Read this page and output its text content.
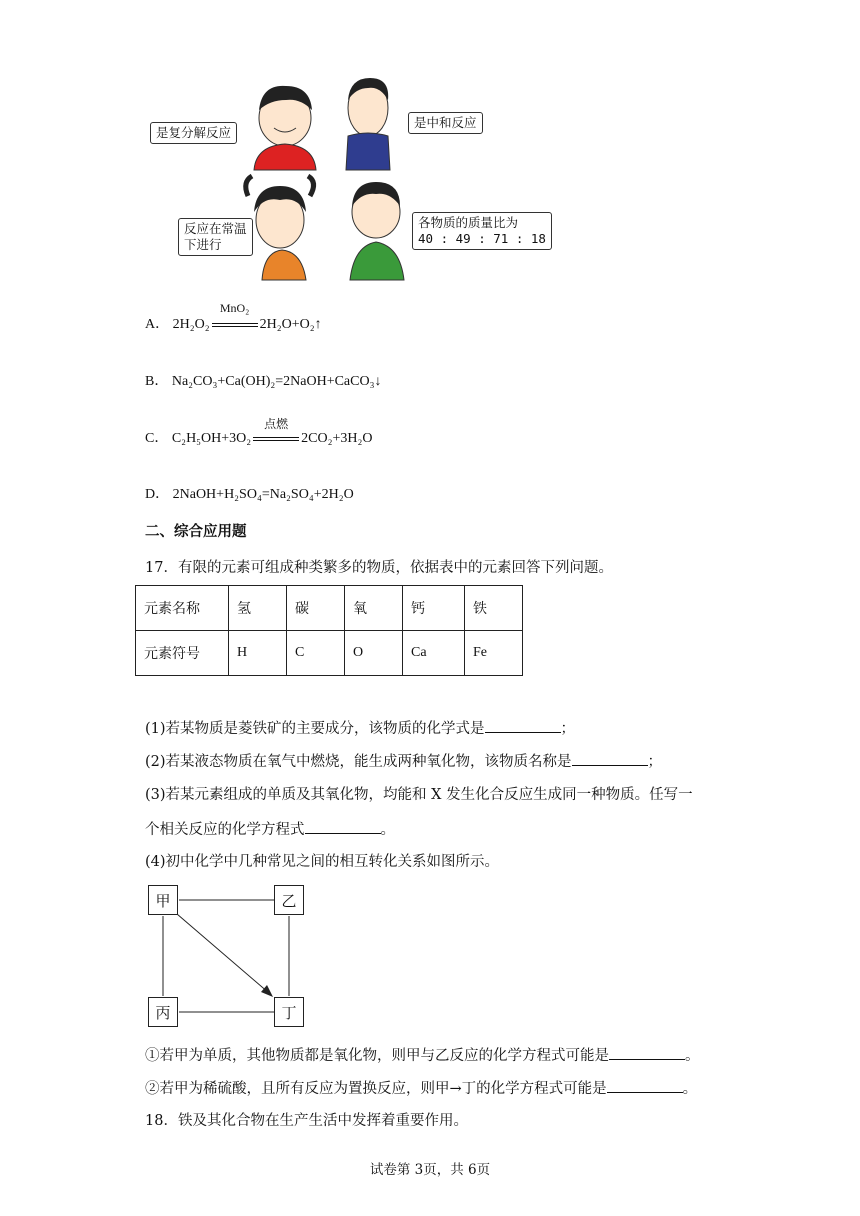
是复分解反应
是中和反应
反应在常温
下进行
各物质的质量比为
40 : 49 : 71 : 18
A． 2H₂O₂
MnO₂
2H₂O+O₂↑
B． Na₂CO₃+Ca(OH)₂=2NaOH+CaCO₃↓
C． C₂H₅OH+3O₂
点燃
2CO₂+3H₂O
D． 2NaOH+H₂SO₄=Na₂SO₄+2H₂O
二、综合应用题
17．有限的元素可组成种类繁多的物质，依据表中的元素回答下列问题。
元素名称	氢	碳	氧	钙	铁
元素符号	H	C	O	Ca	Fe
(1)若某物质是菱铁矿的主要成分，该物质的化学式是	；
(2)若某液态物质在氧气中燃烧，能生成两种氧化物，该物质名称是	；
(3)若某元素组成的单质及其氧化物，均能和 X 发生化合反应生成同一种物质。任写一
个相关反应的化学方程式	。
(4)初中化学中几种常见之间的相互转化关系如图所示。
甲	乙
丙	丁
①若甲为单质，其他物质都是氧化物，则甲与乙反应的化学方程式可能是	。
②若甲为稀硫酸，且所有反应为置换反应，则甲→丁的化学方程式可能是	。
18．铁及其化合物在生产生活中发挥着重要作用。
试卷第 3页，共 6页
